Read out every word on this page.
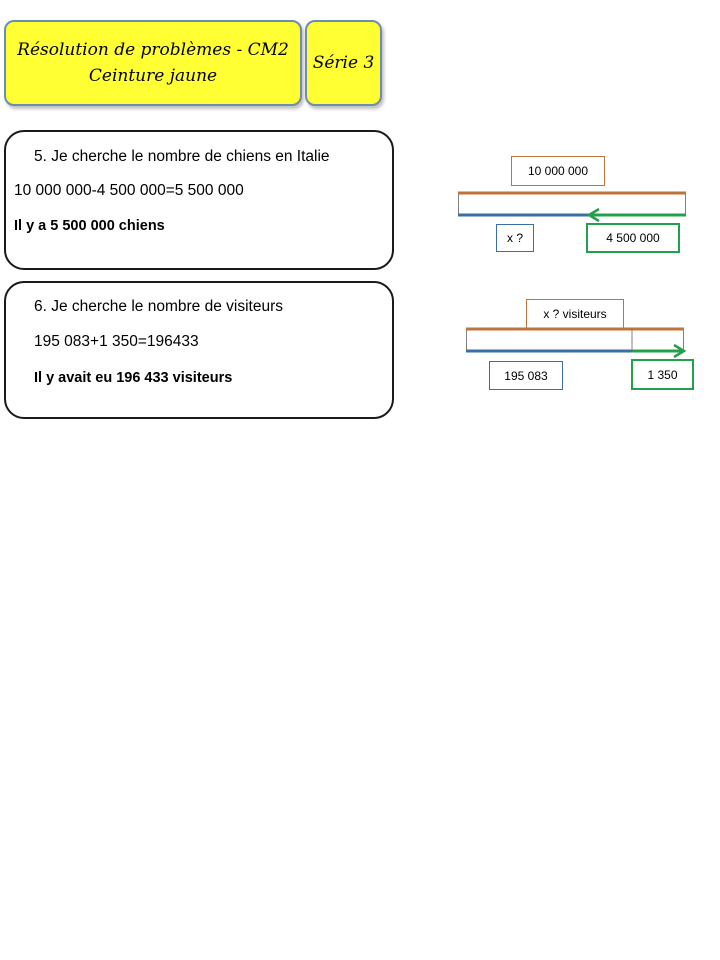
Résolution de problèmes - CM2
Ceinture jaune
Série 3
5. Je cherche le nombre de chiens en Italie
10 000 000-4 500 000=5 500 000
Il y a 5 500 000 chiens
6. Je cherche le nombre de visiteurs
195 083+1 350=196433
Il y avait eu 196 433 visiteurs
10 000 000
x ?	4 500 000
x ? visiteurs
195 083	1 350
